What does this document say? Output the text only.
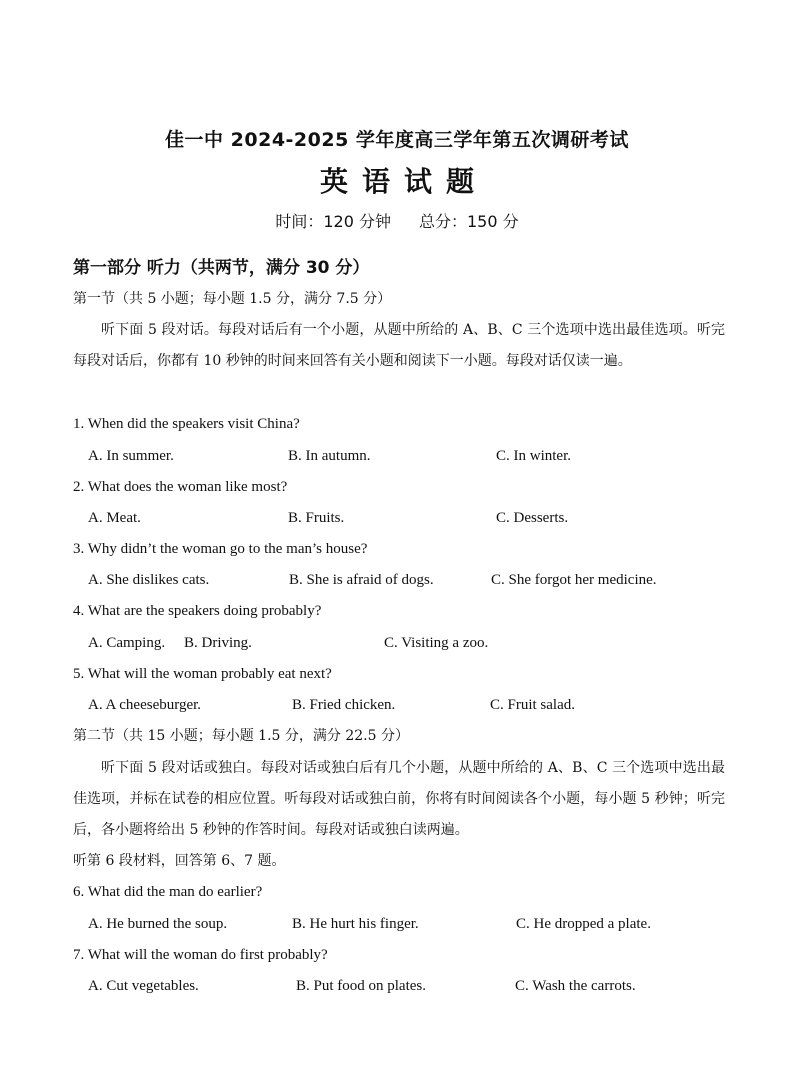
佳一中 2024-2025 学年度高三学年第五次调研考试
英语试题
时间：120 分钟 总分：150 分
第一部分 听力（共两节，满分 30 分）
第一节（共 5 小题；每小题 1.5 分，满分 7.5 分）
听下面 5 段对话。每段对话后有一个小题，从题中所给的 A、B、C 三个选项中选出最佳选项。听完每段对话后，你都有 10 秒钟的时间来回答有关小题和阅读下一小题。每段对话仅读一遍。
1. When did the speakers visit China?
A. In summer.	B. In autumn.	C. In winter.
2. What does the woman like most?
A. Meat.	B. Fruits.	C. Desserts.
3. Why didn’t the woman go to the man’s house?
A. She dislikes cats.	B. She is afraid of dogs.	C. She forgot her medicine.
4. What are the speakers doing probably?
A. Camping. B. Driving.	C. Visiting a zoo.
5. What will the woman probably eat next?
A. A cheeseburger.	B. Fried chicken.	C. Fruit salad.
第二节（共 15 小题；每小题 1.5 分，满分 22.5 分）
听下面 5 段对话或独白。每段对话或独白后有几个小题，从题中所给的 A、B、C 三个选项中选出最佳选项，并标在试卷的相应位置。听每段对话或独白前，你将有时间阅读各个小题，每小题 5 秒钟；听完后，各小题将给出 5 秒钟的作答时间。每段对话或独白读两遍。
听第 6 段材料，回答第 6、7 题。
6. What did the man do earlier?
A. He burned the soup.	B. He hurt his finger.	C. He dropped a plate.
7. What will the woman do first probably?
A. Cut vegetables.	B. Put food on plates.	C. Wash the carrots.
